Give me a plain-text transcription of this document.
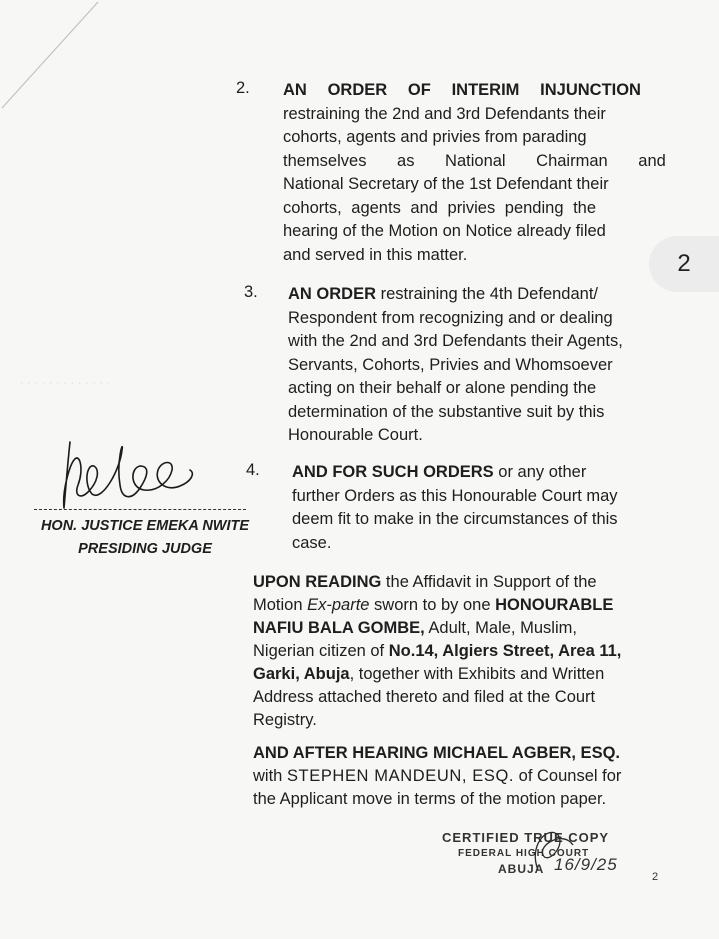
. . . . . . . . . . . . .
2
2. AN ORDER OF INTERIM INJUNCTION
restraining the 2nd and 3rd Defendants their
cohorts, agents and privies from parading
themselves as National Chairman and
National Secretary of the 1st Defendant their
cohorts, agents and privies pending the
hearing of the Motion on Notice already filed
and served in this matter.
3. AN ORDER restraining the 4th Defendant/
Respondent from recognizing and or dealing
with the 2nd and 3rd Defendants their Agents,
Servants, Cohorts, Privies and Whomsoever
acting on their behalf or alone pending the
determination of the substantive suit by this
Honourable Court.
4. AND FOR SUCH ORDERS or any other
further Orders as this Honourable Court may
deem fit to make in the circumstances of this
case.
HON. JUSTICE EMEKA NWITE
PRESIDING JUDGE
UPON READING the Affidavit in Support of the
Motion Ex-parte sworn to by one HONOURABLE
NAFIU BALA GOMBE, Adult, Male, Muslim,
Nigerian citizen of No.14, Algiers Street, Area 11,
Garki, Abuja, together with Exhibits and Written
Address attached thereto and filed at the Court
Registry.
AND AFTER HEARING MICHAEL AGBER, ESQ.
with STEPHEN MANDEUN, ESQ. of Counsel for
the Applicant move in terms of the motion paper.
CERTIFIED TRUE COPY
FEDERAL HIGH COURT
ABUJA 16/9/25
2
